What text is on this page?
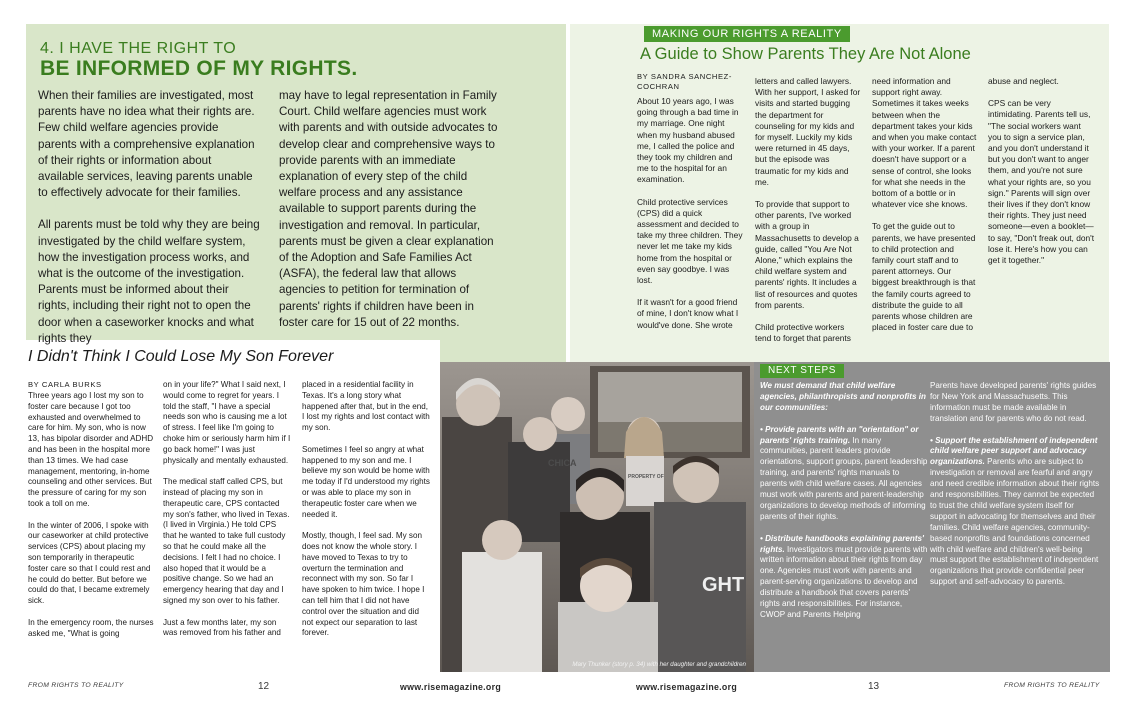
4. I HAVE THE RIGHT TO
BE INFORMED OF MY RIGHTS.

When their families are investigated, most parents have no idea what their rights are. Few child welfare agencies provide parents with a comprehensive explanation of their rights or information about available services, leaving parents unable to effectively advocate for their families.

All parents must be told why they are being investigated by the child welfare system, how the investigation process works, and what is the outcome of the investigation. Parents must be informed about their rights, including their right not to open the door when a caseworker knocks and what rights they

may have to legal representation in Family Court. Child welfare agencies must work with parents and with outside advocates to develop clear and comprehensive ways to provide parents with an immediate explanation of every step of the child welfare process and any assistance available to support parents during the investigation and removal. In particular, parents must be given a clear explanation of the Adoption and Safe Families Act (ASFA), the federal law that allows agencies to petition for termination of parents' rights if children have been in foster care for 15 out of 22 months.

MAKING OUR RIGHTS A REALITY
A Guide to Show Parents They Are Not Alone
BY SANDRA SANCHEZ-COCHRAN

About 10 years ago, I was going through a bad time in my marriage. One night when my husband abused me, I called the police and they took my children and me to the hospital for an examination.

Child protective services (CPS) did a quick assessment and decided to take my three children. They never let me take my kids home from the hospital or even say goodbye. I was lost.

If it wasn't for a good friend of mine, I don't know what I would've done. She wrote

letters and called lawyers. With her support, I asked for visits and started bugging the department for counseling for my kids and for myself. Luckily my kids were returned in 45 days, but the episode was traumatic for my kids and me.

To provide that support to other parents, I've worked with a group in Massachusetts to develop a guide, called "You Are Not Alone," which explains the child welfare system and parents' rights. It includes a list of resources and quotes from parents.

Child protective workers tend to forget that parents

need information and support right away. Sometimes it takes weeks between when the department takes your kids and when you make contact with your worker. If a parent doesn't have support or a sense of control, she looks for what she needs in the bottom of a bottle or in whatever vice she knows.

To get the guide out to parents, we have presented to child protection and family court staff and to parent attorneys. Our biggest breakthrough is that the family courts agreed to distribute the guide to all parents whose children are placed in foster care due to

abuse and neglect.

CPS can be very intimidating. Parents tell us, "The social workers want you to sign a service plan, and you don't understand it but you don't want to anger them, and you're not sure what your rights are, so you sign." Parents will sign over their lives if they don't know their rights. They just need someone—even a booklet—to say, "Don't freak out, don't lose it. Here's how you can get it together."

I Didn't Think I Could Lose My Son Forever
BY CARLA BURKS

Three years ago I lost my son to foster care because I got too exhausted and overwhelmed to care for him. My son, who is now 13, has bipolar disorder and ADHD and has been in the hospital more than 13 times. We had case management, mentoring, in-home counseling and other services. But the pressure of caring for my son took a toll on me.

In the winter of 2006, I spoke with our caseworker at child protective services (CPS) about placing my son temporarily in therapeutic foster care so that I could rest and he could do better. But before we could do that, I became extremely sick.

In the emergency room, the nurses asked me, "What is going

on in your life?" What I said next, I would come to regret for years. I told the staff, "I have a special needs son who is causing me a lot of stress. I feel like I'm going to choke him or seriously harm him if I go back home!" I was just physically and mentally exhausted.

The medical staff called CPS, but instead of placing my son in therapeutic care, CPS contacted my son's father, who lived in Texas. (I lived in Virginia.) He told CPS that he wanted to take full custody so that he could make all the decisions. I felt I had no choice. I also hoped that it would be a positive change. So we had an emergency hearing that day and I signed my son over to his father.

Just a few months later, my son was removed from his father and

placed in a residential facility in Texas. It's a long story what happened after that, but in the end, I lost my rights and lost contact with my son.

Sometimes I feel so angry at what happened to my son and me. I believe my son would be home with me today if I'd understood my rights or was able to place my son in therapeutic foster care when we needed it.

Mostly, though, I feel sad. My son does not know the whole story. I have moved to Texas to try to overturn the termination and reconnect with my son. So far I have spoken to him twice. I hope I can tell him that I did not have control over the situation and did not expect our separation to last forever.

CHICA
PROPERTY OF
GHT
Mary Thunker (story p. 34) with her daughter and grandchildren
NEXT STEPS

We must demand that child welfare agencies, philanthropists and nonprofits in our communities:

• Provide parents with an "orientation" or parents' rights training. In many communities, parent leaders provide orientations, support groups, parent leadership training, and parents' rights manuals to parents with child welfare cases. All agencies must work with parents and parent-leadership organizations to develop methods of informing parents of their rights.

• Distribute handbooks explaining parents' rights. Investigators must provide parents with written information about their rights from day one. Agencies must work with parents and parent-serving organizations to develop and distribute a handbook that covers parents' rights and responsibilities. For instance, CWOP and Parents Helping

Parents have developed parents' rights guides for New York and Massachusetts. This information must be made available in translation and for parents who do not read.

• Support the establishment of independent child welfare peer support and advocacy organizations. Parents who are subject to investigation or removal are fearful and angry and need credible information about their rights and responsibilities. They cannot be expected to trust the child welfare system itself for support in advocating for themselves and their families. Child welfare agencies, community-based nonprofits and foundations concerned with child welfare and children's well-being must support the establishment of independent organizations that provide confidential peer support and self-advocacy to parents.

FROM RIGHTS TO REALITY	12	www.risemagazine.org	www.risemagazine.org	13	FROM RIGHTS TO REALITY
